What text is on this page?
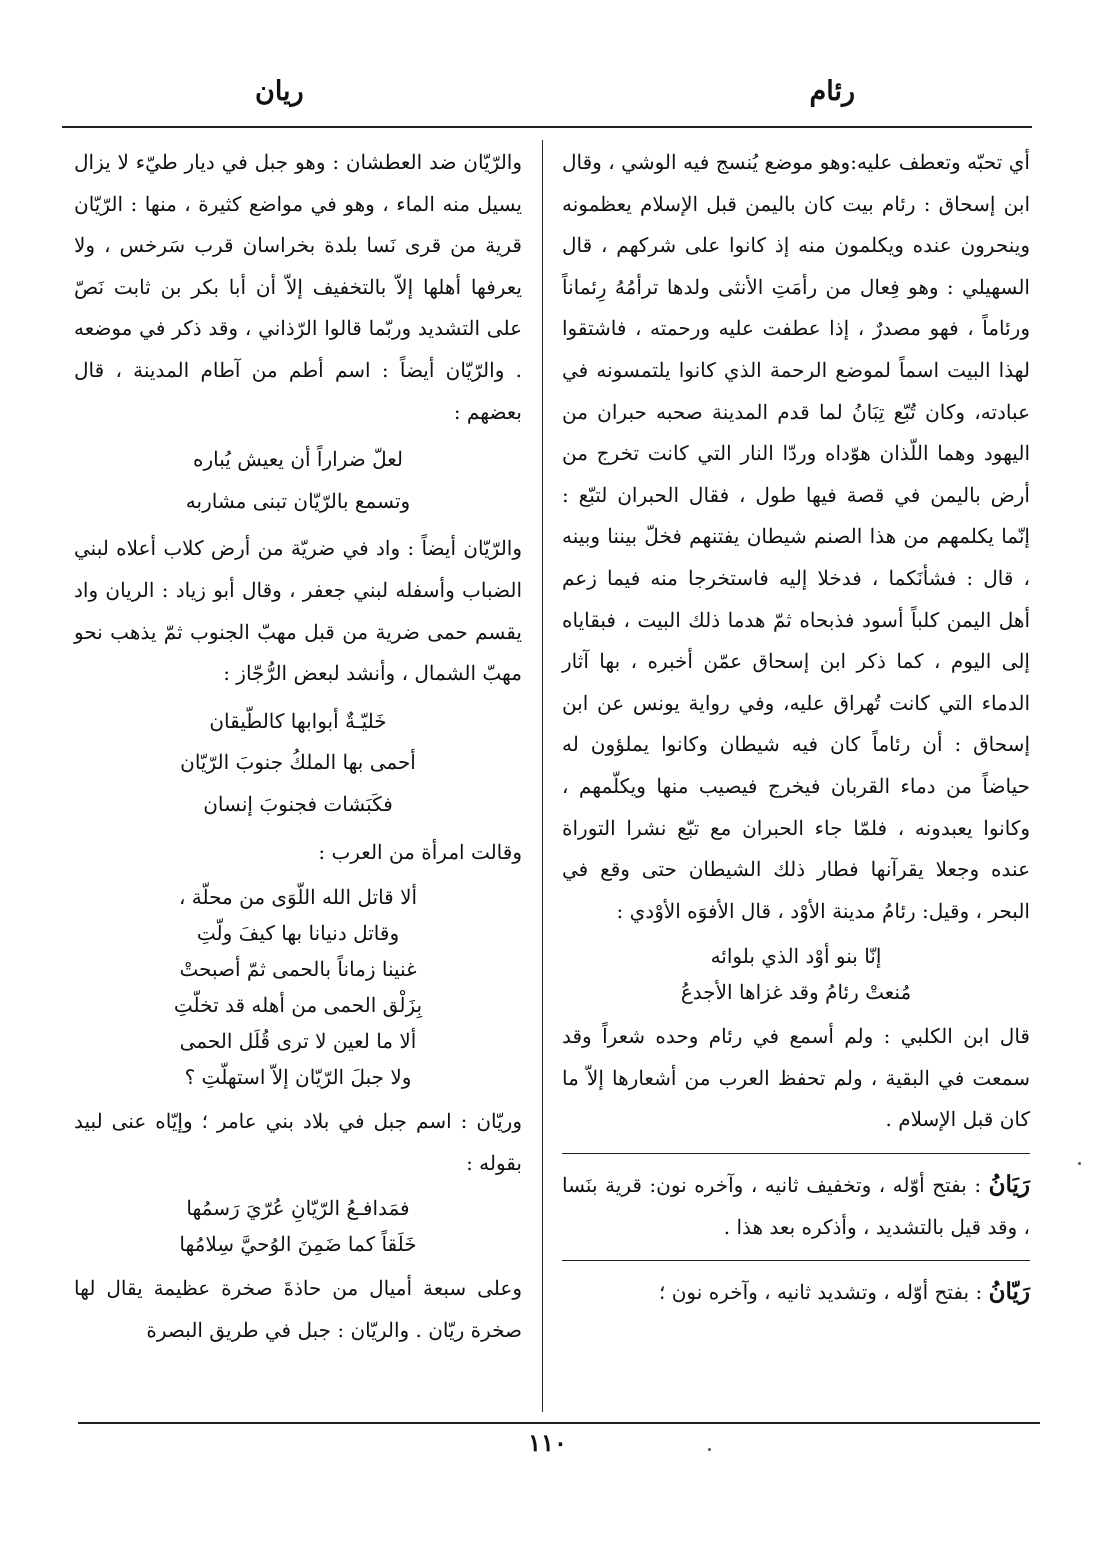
رئام
ريان

أي تحبّه وتعطف عليه:وهو موضع يُنسج فيه الوشي ، وقال ابن إسحاق : رئام بيت كان باليمن قبل الإسلام يعظمونه وينحرون عنده ويكلمون منه إذ كانوا على شركهم ، قال السهيلي : وهو فِعال من رأمَتِ الأنثى ولدها ترأمُهُ رِئماناً ورئاماً ، فهو مصدرٌ ، إذا عطفت عليه ورحمته ، فاشتقوا لهذا البيت اسماً لموضع الرحمة الذي كانوا يلتمسونه في عبادته، وكان تُبّع تِبَانُ لما قدم المدينة صحبه حبران من اليهود وهما اللّذان هوّداه وردّا النار التي كانت تخرج من أرض باليمن في قصة فيها طول ، فقال الحبران لتبّع : إنّما يكلمهم من هذا الصنم شيطان يفتنهم فخلّ بيننا وبينه ، قال : فشأنَكما ، فدخلا إليه فاستخرجا منه فيما زعم أهل اليمن كلباً أسود فذبحاه ثمّ هدما ذلك البيت ، فبقاياه إلى اليوم ، كما ذكر ابن إسحاق عمّن أخبره ، بها آثار الدماء التي كانت تُهراق عليه، وفي رواية يونس عن ابن إسحاق : أن رئاماً كان فيه شيطان وكانوا يملؤون له حياضاً من دماء القربان فيخرج فيصيب منها ويكلّمهم ، وكانوا يعبدونه ، فلمّا جاء الحبران مع تبّع نشرا التوراة عنده وجعلا يقرآنها فطار ذلك الشيطان حتى وقع في البحر ، وقيل: رئامُ مدينة الأوْد ، قال الأفوَه الأوْدي :

إنّا بنو أوْد الذي بلوائه

مُنعتْ رئامُ وقد غزاها الأجدعُ

قال ابن الكلبي : ولم أسمع في رئام وحده شعراً وقد سمعت في البقية ، ولم تحفظ العرب من أشعارها إلاّ ما كان قبل الإسلام .

رَيَانُ : بفتح أوّله ، وتخفيف ثانيه ، وآخره نون: قرية بنَسا ، وقد قيل بالتشديد ، وأذكره بعد هذا .

رَيّانُ : بفتح أوّله ، وتشديد ثانيه ، وآخره نون ؛

والرّيّان ضد العطشان : وهو جبل في ديار طيّء لا يزال يسيل منه الماء ، وهو في مواضع كثيرة ، منها : الرّيّان قرية من قرى نَسا بلدة بخراسان قرب سَرخس ، ولا يعرفها أهلها إلاّ بالتخفيف إلاّ أن أبا بكر بن ثابت نَصّ على التشديد وربّما قالوا الرّذاني ، وقد ذكر في موضعه . والرّيّان أيضاً : اسم أطم من آطام المدينة ، قال بعضهم :

لعلّ ضراراً أن يعيش يُباره

وتسمع بالرّيّان تبنى مشاربه

والرّيّان أيضاً : واد في ضريّة من أرض كلاب أعلاه لبني الضباب وأسفله لبني جعفر ، وقال أبو زياد : الريان واد يقسم حمى ضرية من قبل مهبّ الجنوب ثمّ يذهب نحو مهبّ الشمال ، وأنشد لبعض الرُّجّاز :

خَليّـةٌ أبوابها كالطّيقان

أحمى بها الملكُ جنوبَ الرّيّان

فكَبَشات فجنوبَ إنسان

وقالت امرأة من العرب :

ألا قاتل الله اللّوَى من محلّة ،

وقاتل دنيانا بها كيفَ ولّتِ

غنينا زماناً بالحمى ثمّ أصبحتْ

بِزَلْق الحمى من أهله قد تخلّتِ

ألا ما لعين لا ترى قُلَل الحمى

ولا جبلَ الرّيّان إلاّ استهلّتِ ؟

وريّان : اسم جبل في بلاد بني عامر ؛ وإيّاه عنى لبيد بقوله :

فمَدافـعُ الرّيّانِ عُرّيَ رَسمُها

خَلَقاً كما ضَمِنَ الوُحيَّ سِلامُها

وعلى سبعة أميال من حاذةَ صخرة عظيمة يقال لها صخرة ريّان . والريّان : جبل في طريق البصرة

١١٠
